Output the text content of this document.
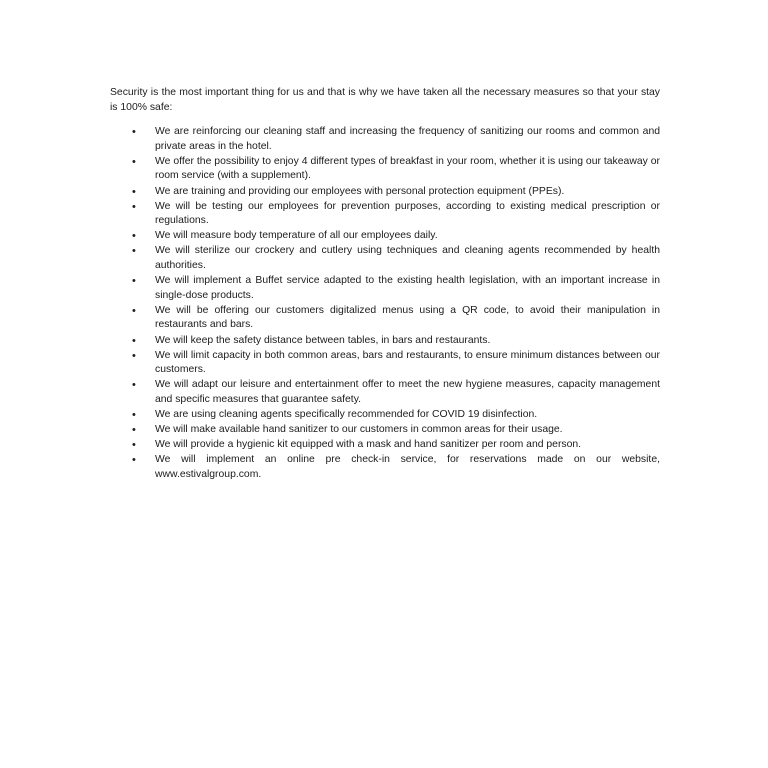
Security is the most important thing for us and that is why we have taken all the necessary measures so that your stay is 100% safe:

•	We are reinforcing our cleaning staff and increasing the frequency of sanitizing our rooms and common and private areas in the hotel.
•	We offer the possibility to enjoy 4 different types of breakfast in your room, whether it is using our takeaway or room service (with a supplement).
•	We are training and providing our employees with personal protection equipment (PPEs).
•	We will be testing our employees for prevention purposes, according to existing medical prescription or regulations.
•	We will measure body temperature of all our employees daily.
•	We will sterilize our crockery and cutlery using techniques and cleaning agents recommended by health authorities.
•	We will implement a Buffet service adapted to the existing health legislation, with an important increase in single-dose products.
•	We will be offering our customers digitalized menus using a QR code, to avoid their manipulation in restaurants and bars.
•	We will keep the safety distance between tables, in bars and restaurants.
•	We will limit capacity in both common areas, bars and restaurants, to ensure minimum distances between our customers.
•	We will adapt our leisure and entertainment offer to meet the new hygiene measures, capacity management and specific measures that guarantee safety.
•	We are using cleaning agents specifically recommended for COVID 19 disinfection.
•	We will make available hand sanitizer to our customers in common areas for their usage.
•	We will provide a hygienic kit equipped with a mask and hand sanitizer per room and person.
•	We will implement an online pre check-in service, for reservations made on our website, www.estivalgroup.com.
